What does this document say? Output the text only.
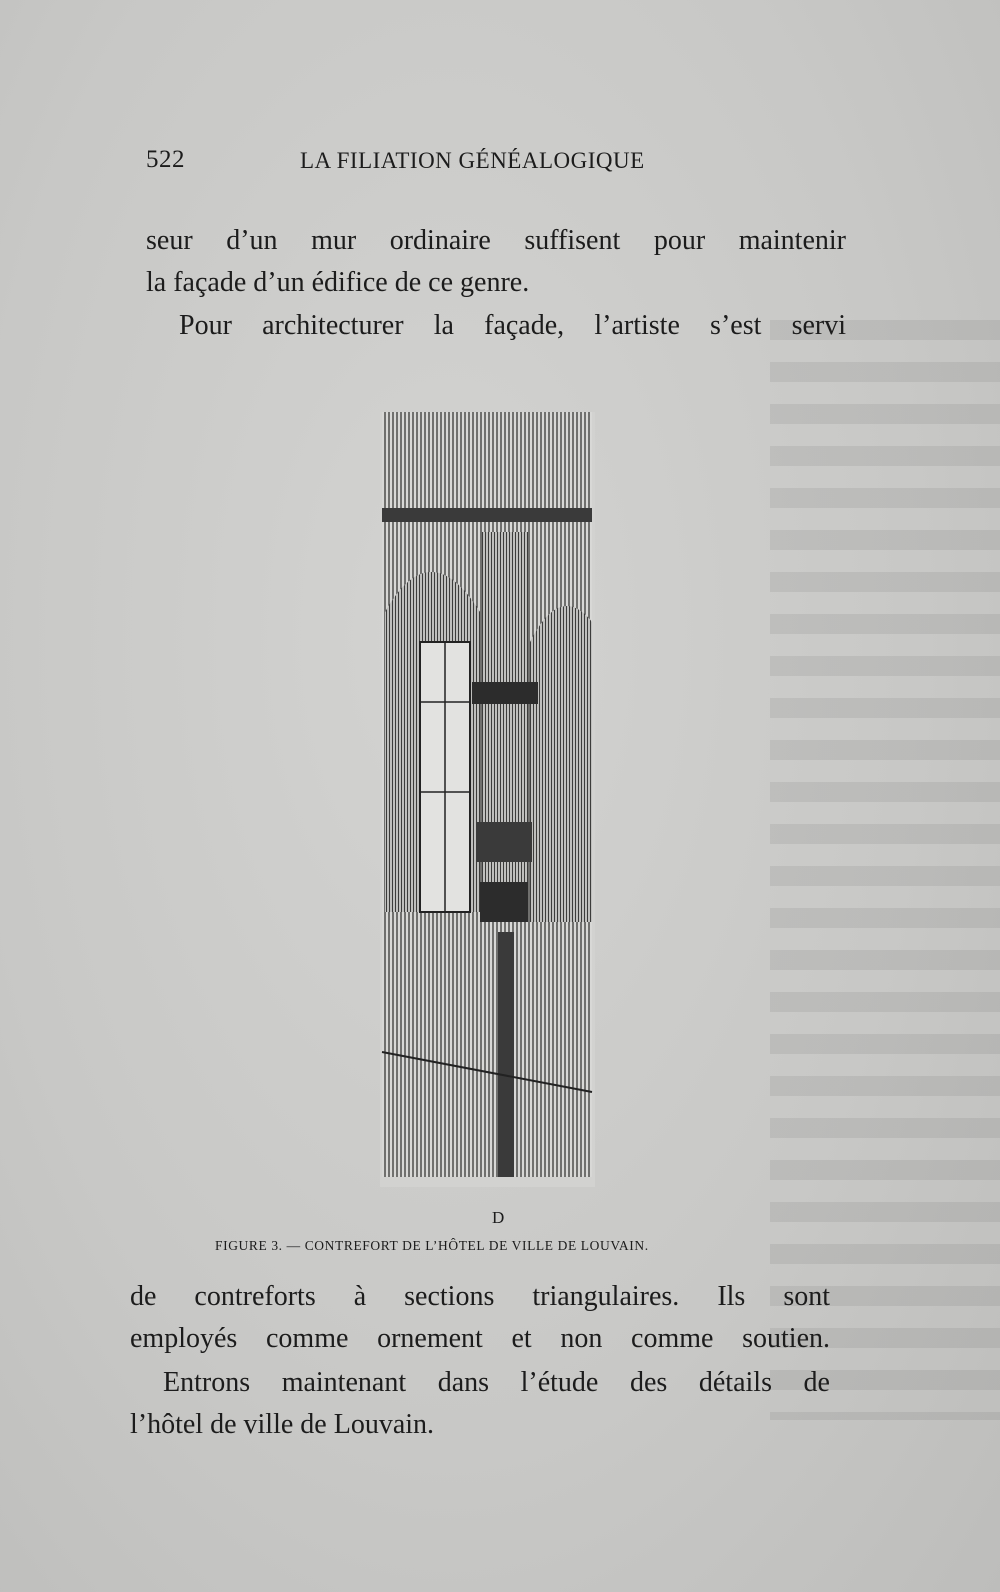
522	LA FILIATION GÉNÉALOGIQUE
seur d’un mur ordinaire suffisent pour maintenir
la façade d’un édifice de ce genre.
Pour architecturer la façade, l’artiste s’est servi
D
FIGURE 3. — CONTREFORT DE L’HÔTEL DE VILLE DE LOUVAIN.
de contreforts à sections triangulaires. Ils sont
employés comme ornement et non comme soutien.
Entrons maintenant dans l’étude des détails de
l’hôtel de ville de Louvain.
